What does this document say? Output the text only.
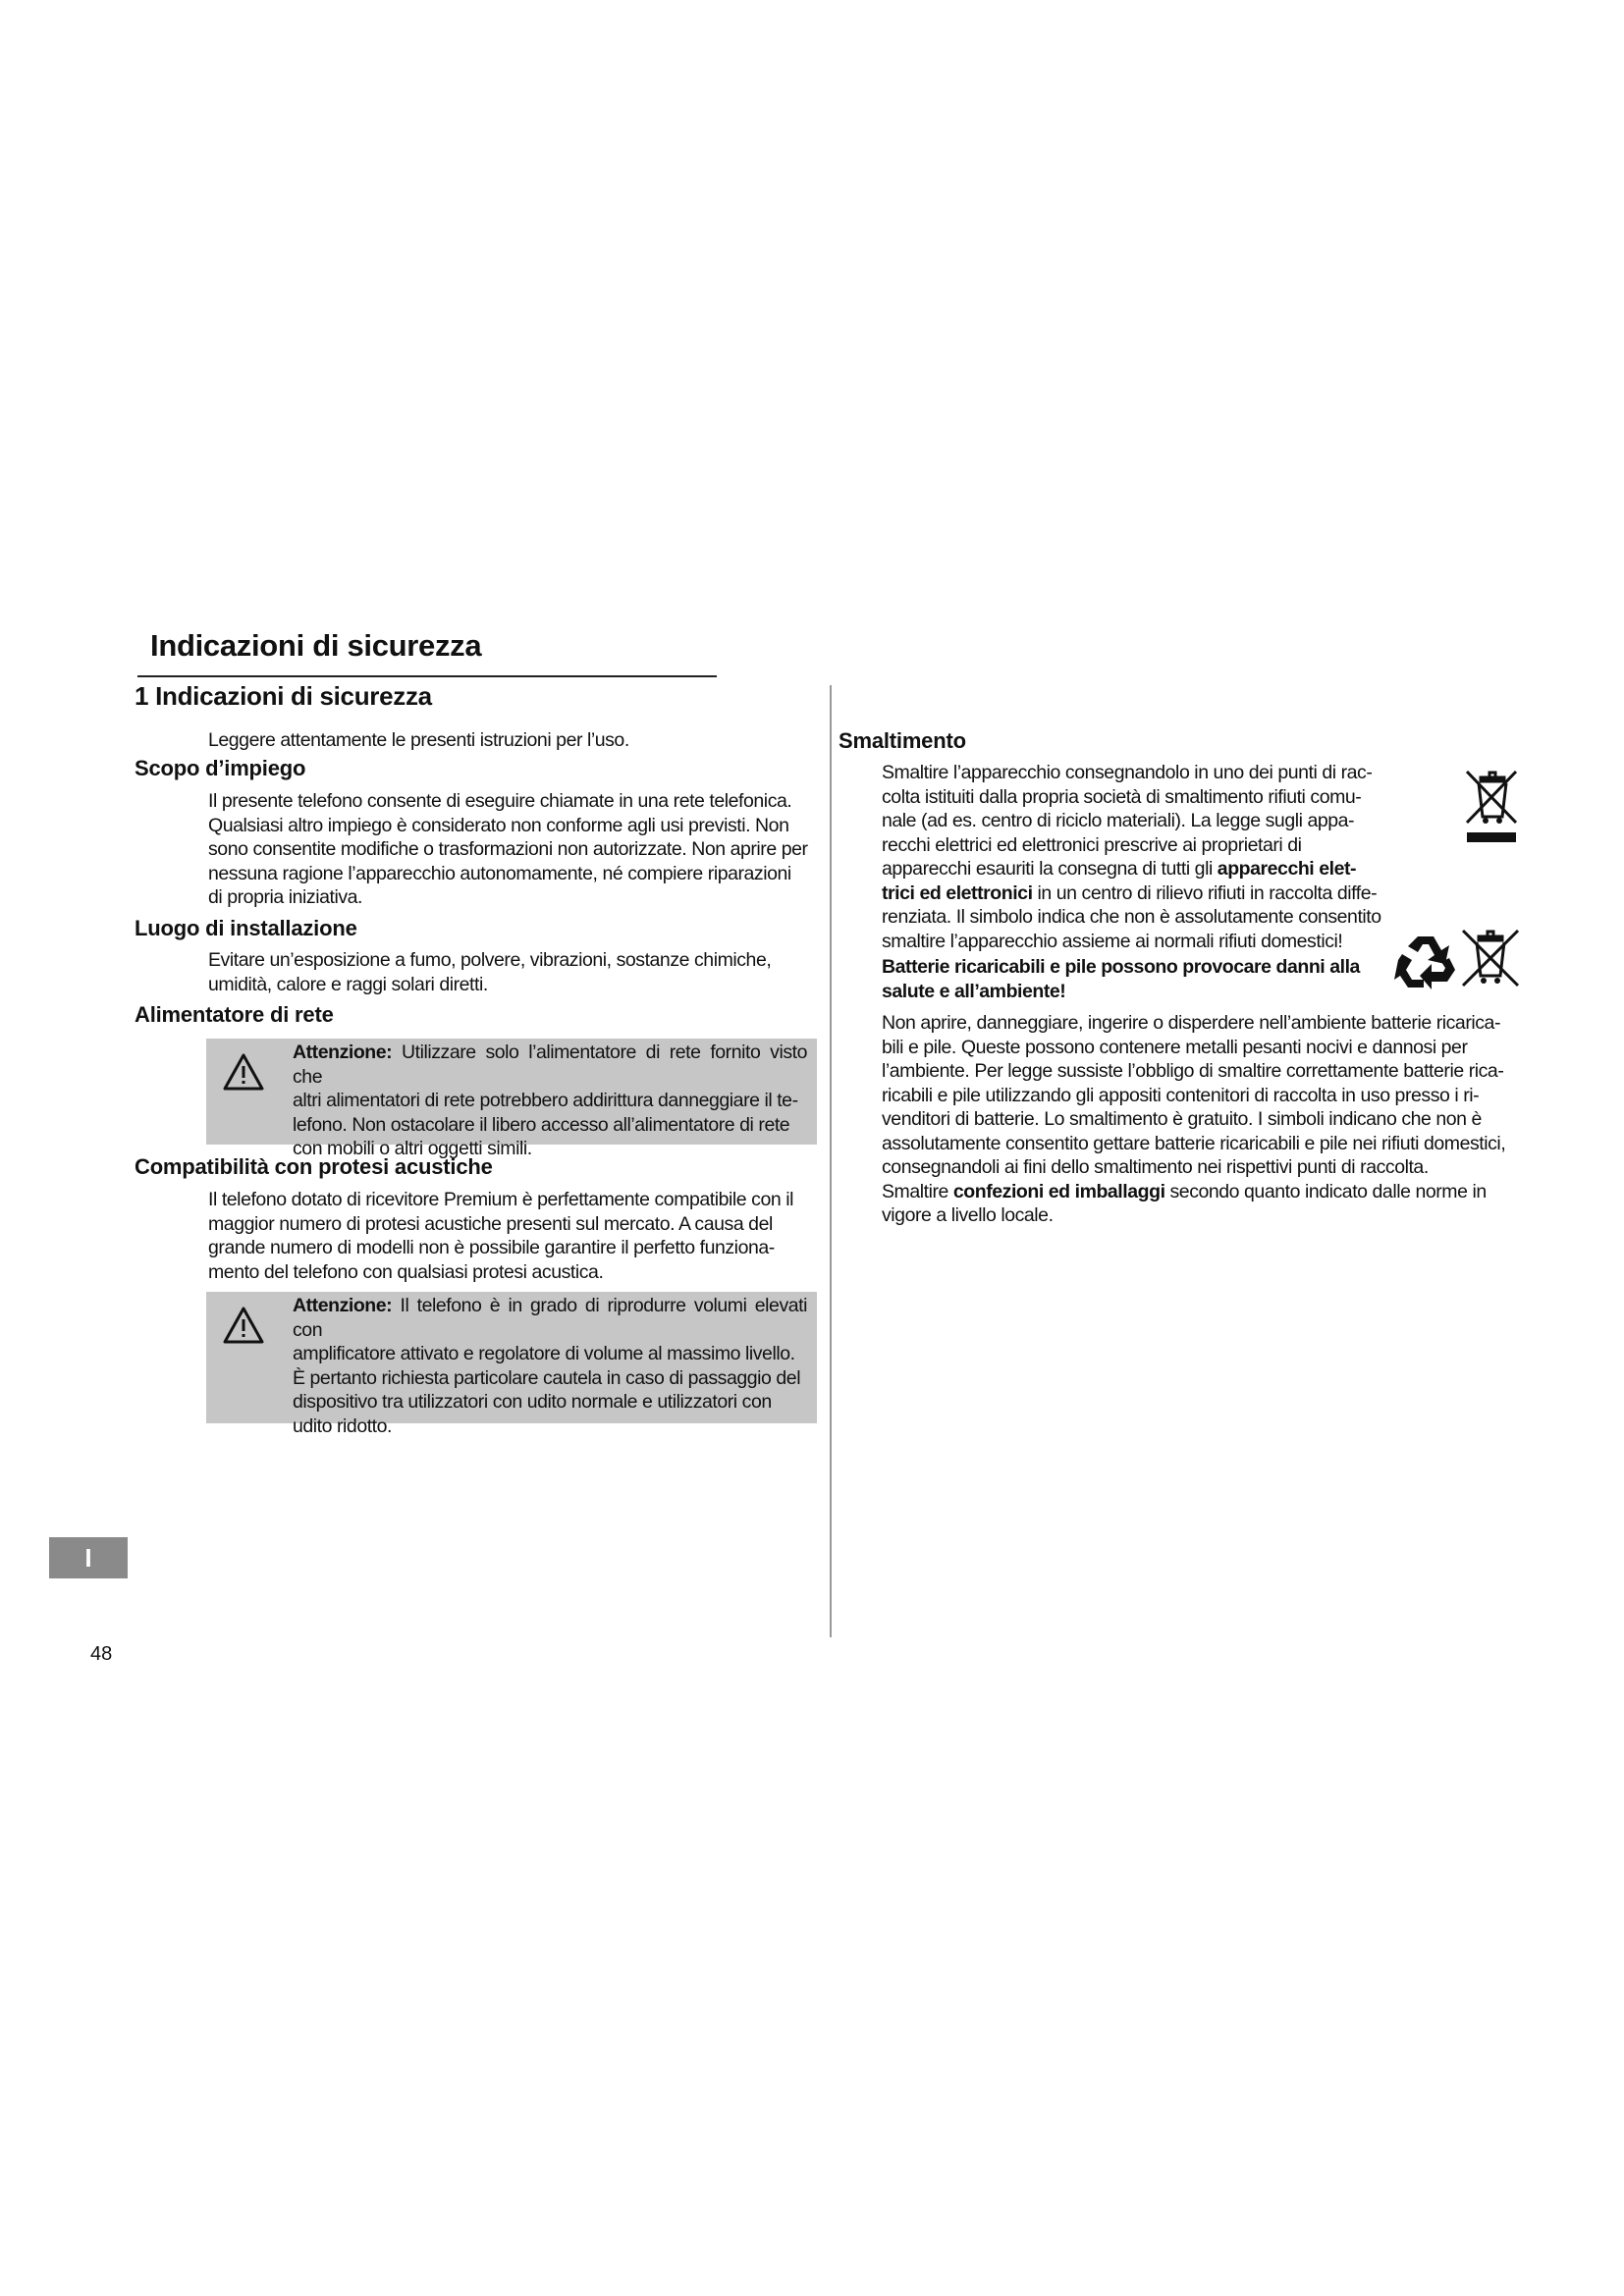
Indicazioni di sicurezza
1 Indicazioni di sicurezza
Leggere attentamente le presenti istruzioni per l’uso.
Scopo d’impiego
Il presente telefono consente di eseguire chiamate in una rete telefonica.
Qualsiasi altro impiego è considerato non conforme agli usi previsti. Non
sono consentite modifiche o trasformazioni non autorizzate. Non aprire per
nessuna ragione l’apparecchio autonomamente, né compiere riparazioni
di propria iniziativa.
Luogo di installazione
Evitare un’esposizione a fumo, polvere, vibrazioni, sostanze chimiche,
umidità, calore e raggi solari diretti.
Alimentatore di rete
Attenzione: Utilizzare solo l’alimentatore di rete fornito visto che
altri alimentatori di rete potrebbero addirittura danneggiare il te-
lefono. Non ostacolare il libero accesso all’alimentatore di rete
con mobili o altri oggetti simili.
Compatibilità con protesi acustiche
Il telefono dotato di ricevitore Premium è perfettamente compatibile con il
maggior numero di protesi acustiche presenti sul mercato. A causa del
grande numero di modelli non è possibile garantire il perfetto funziona-
mento del telefono con qualsiasi protesi acustica.
Attenzione: Il telefono è in grado di riprodurre volumi elevati con
amplificatore attivato e regolatore di volume al massimo livello.
È pertanto richiesta particolare cautela in caso di passaggio del
dispositivo tra utilizzatori con udito normale e utilizzatori con
udito ridotto.
Smaltimento
Smaltire l’apparecchio consegnandolo in uno dei punti di rac-
colta istituiti dalla propria società di smaltimento rifiuti comu-
nale (ad es. centro di riciclo materiali). La legge sugli appa-
recchi elettrici ed elettronici prescrive ai proprietari di
apparecchi esauriti la consegna di tutti gli apparecchi elet-
trici ed elettronici in un centro di rilievo rifiuti in raccolta diffe-
renziata. Il simbolo indica che non è assolutamente consentito
smaltire l’apparecchio assieme ai normali rifiuti domestici!
Batterie ricaricabili e pile possono provocare danni alla
salute e all’ambiente!
Non aprire, danneggiare, ingerire o disperdere nell’ambiente batterie ricarica-
bili e pile. Queste possono contenere metalli pesanti nocivi e dannosi per
l’ambiente. Per legge sussiste l’obbligo di smaltire correttamente batterie rica-
ricabili e pile utilizzando gli appositi contenitori di raccolta in uso presso i ri-
venditori di batterie. Lo smaltimento è gratuito. I simboli indicano che non è
assolutamente consentito gettare batterie ricaricabili e pile nei rifiuti domestici,
consegnandoli ai fini dello smaltimento nei rispettivi punti di raccolta.
Smaltire confezioni ed imballaggi secondo quanto indicato dalle norme in
vigore a livello locale.
I
48
